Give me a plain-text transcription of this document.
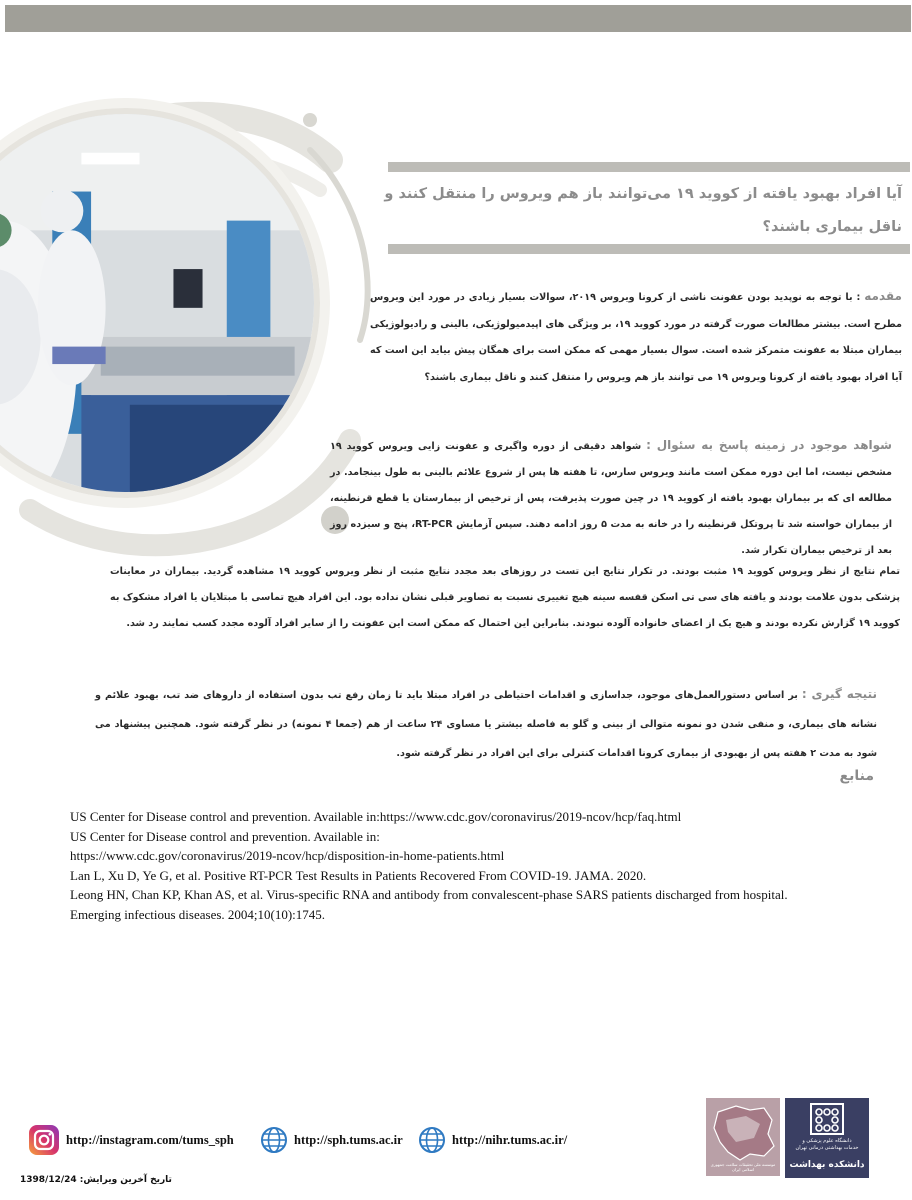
آیا افراد بهبود یافته از کووید ۱۹ می‌توانند باز هم ویروس را منتقل کنند و ناقل بیماری باشند؟
مقدمه : با توجه به نوپدید بودن عفونت ناشی از کرونا ویروس ۲۰۱۹، سوالات بسیار زیادی در مورد این ویروس مطرح است. بیشتر مطالعات صورت گرفته در مورد کووید ۱۹، بر ویژگی های اپیدمیولوژیکی، بالینی و رادیولوژیکی بیماران مبتلا به عفونت متمرکز شده است. سوال بسیار مهمی که ممکن است برای همگان پیش بیاید این است که آیا افراد بهبود یافته از کرونا ویروس ۱۹ می توانند باز هم ویروس را منتقل کنند و ناقل بیماری باشند؟
شواهد موجود در زمینه پاسخ به سئوال : شواهد دقیقی از دوره واگیری و عفونت زایی ویروس کووید ۱۹ مشخص نیست، اما این دوره ممکن است مانند ویروس سارس، تا هفته ها پس از شروع علائم بالینی به طول بینجامد. در مطالعه ای که بر بیماران بهبود یافته از کووید ۱۹ در چین صورت پذیرفت، پس از ترخیص از بیمارستان یا قطع قرنطینه، از بیماران خواسته شد تا پروتکل قرنطینه را در خانه به مدت ۵ روز ادامه دهند. سپس آزمایش RT-PCR، پنج و سیزده روز بعد از ترخیص بیماران تکرار شد.
تمام نتایج از نظر ویروس کووید ۱۹ مثبت بودند. در تکرار نتایج این تست در روزهای بعد مجدد نتایج مثبت از نظر ویروس کووید ۱۹ مشاهده گردید. بیماران در معاینات پزشکی بدون علامت بودند و یافته های سی تی اسکن قفسه سینه هیچ تغییری نسبت به تصاویر قبلی نشان نداده بود. این افراد هیچ تماسی با مبتلایان یا افراد مشکوک به کووید ۱۹ گزارش نکرده بودند و هیچ یک از اعضای خانواده آلوده نبودند. بنابراین این احتمال که ممکن است این عفونت را از سایر افراد آلوده مجدد کسب نمایند رد شد.
نتیجه گیری : بر اساس دستورالعمل‌های موجود، جداسازی و اقدامات احتیاطی در افراد مبتلا باید تا زمان رفع تب بدون استفاده از داروهای ضد تب، بهبود علائم و نشانه های بیماری، و منفی شدن دو نمونه متوالی از بینی و گلو به فاصله بیشتر یا مساوی ۲۴ ساعت از هم (جمعا ۴ نمونه) در نظر گرفته شود. همچنین پیشنهاد می شود به مدت ۲ هفته پس از بهبودی از بیماری کرونا اقدامات کنترلی برای این افراد در نظر گرفته شود.
منابع
US Center for Disease control and prevention. Available in:https://www.cdc.gov/coronavirus/2019-ncov/hcp/faq.html
US Center for Disease control and prevention. Available in:
https://www.cdc.gov/coronavirus/2019-ncov/hcp/disposition-in-home-patients.html
Lan L, Xu D, Ye G, et al. Positive RT-PCR Test Results in Patients Recovered From COVID-19. JAMA. 2020.
Leong HN, Chan KP, Khan AS, et al. Virus-specific RNA and antibody from convalescent-phase SARS patients discharged from hospital.
Emerging infectious diseases. 2004;10(10):1745.
http://instagram.com/tums_sph	http://sph.tums.ac.ir	http://nihr.tums.ac.ir/
تاریخ آخرین ویرایش: 1398/12/24
موسسه ملی تحقیقات سلامت جمهوری اسلامی ایران
دانشگاه علوم پزشکی و
خدمات بهداشتی درمانی تهران
دانشکده بهداشت
